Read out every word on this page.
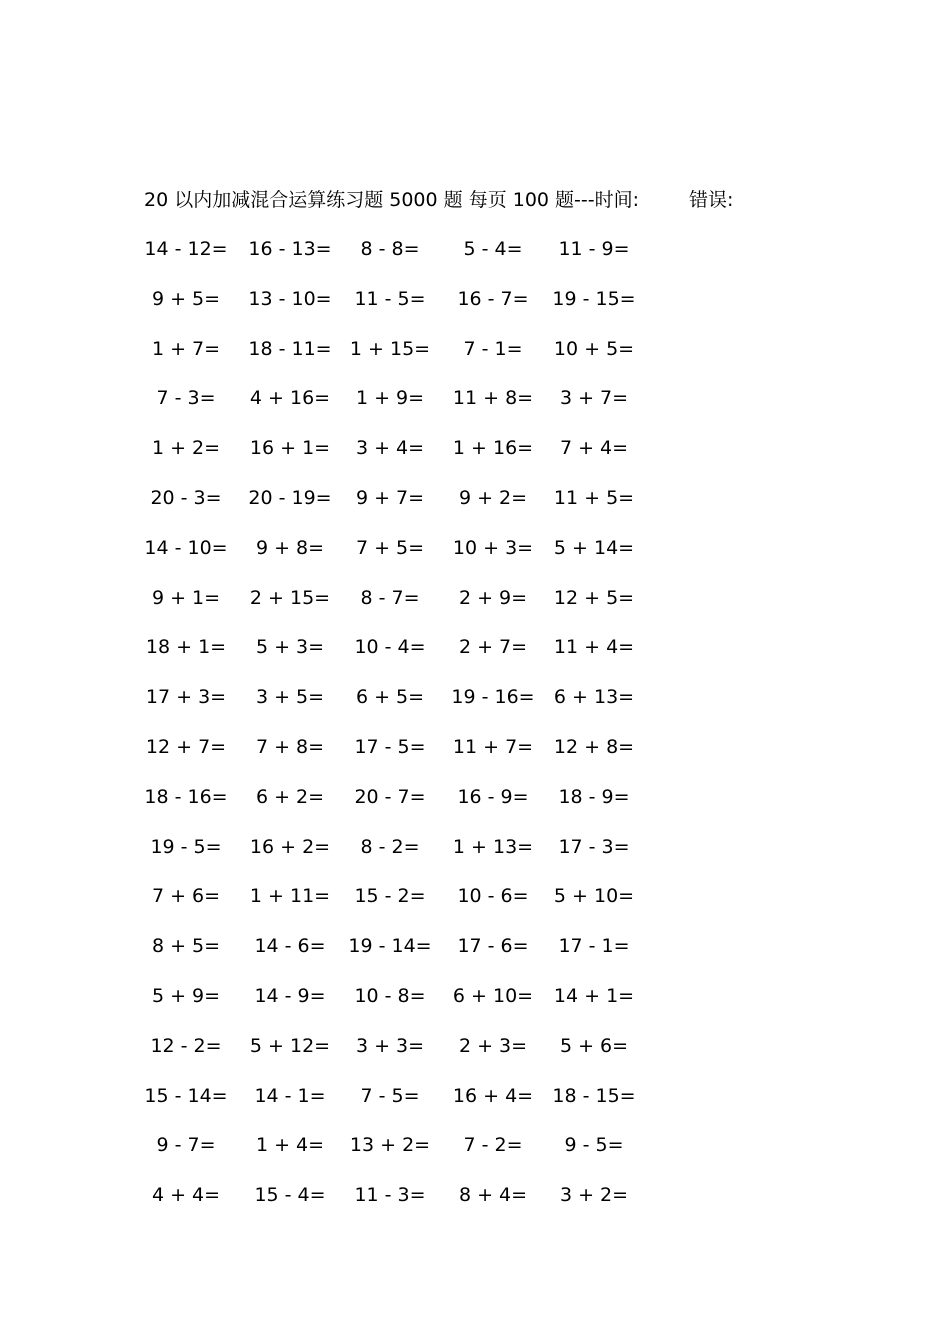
20 以内加减混合运算练习题 5000 题 每页 100 题---时间:	错误:
14 - 12=	16 - 13=	8 - 8=	5 - 4=	11 - 9=
9 + 5=	13 - 10=	11 - 5=	16 - 7=	19 - 15=
1 + 7=	18 - 11= 1 + 15=	7 - 1=	10 + 5=
7 - 3=	4 + 16=	1 + 9=	11 + 8=	3 + 7=
1 + 2=	16 + 1=	3 + 4=	1 + 16=	7 + 4=
20 - 3=	20 - 19=	9 + 7=	9 + 2=	11 + 5=
14 - 10=	9 + 8=	7 + 5=	10 + 3=	5 + 14=
9 + 1=	2 + 15=	8 - 7=	2 + 9=	12 + 5=
18 + 1=	5 + 3=	10 - 4=	2 + 7=	11 + 4=
17 + 3=	3 + 5=	6 + 5=	19 - 16=	6 + 13=
12 + 7=	7 + 8=	17 - 5=	11 + 7=	12 + 8=
18 - 16=	6 + 2=	20 - 7=	16 - 9=	18 - 9=
19 - 5=	16 + 2=	8 - 2=	1 + 13=	17 - 3=
7 + 6=	1 + 11=	15 - 2=	10 - 6=	5 + 10=
8 + 5=	14 - 6=	19 - 14=	17 - 6=	17 - 1=
5 + 9=	14 - 9=	10 - 8=	6 + 10=	14 + 1=
12 - 2=	5 + 12=	3 + 3=	2 + 3=	5 + 6=
15 - 14=	14 - 1=	7 - 5=	16 + 4=	18 - 15=
9 - 7=	1 + 4=	13 + 2=	7 - 2=	9 - 5=
4 + 4=	15 - 4=	11 - 3=	8 + 4=	3 + 2=
